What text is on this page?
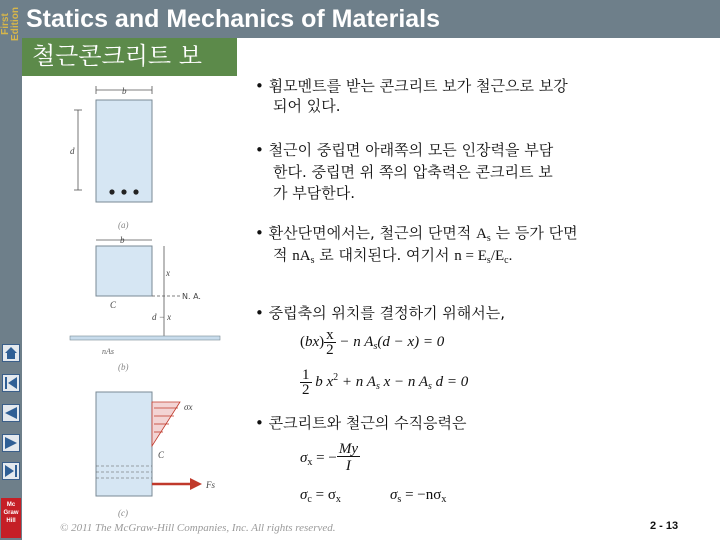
First
Edition
Mc
Graw
Hill
Statics and Mechanics of Materials
철근콘크리트 보
b
d
(a)
b
N. A.
C
x
d − x
nAs
(b)
σx
C
Fs
(c)
• 휨모멘트를 받는 콘크리트 보가 철근으로 보강
되어 있다.
• 철근이 중립면 아래쪽의 모든 인장력을 부담
한다. 중립면 위 쪽의 압축력은 콘크리트 보
가 부담한다.
• 환산단면에서는, 철근의 단면적 $A_s$ 는 등가 단면
적 $nA_s$ 로 대치된다. 여기서 $n = E_s/E_c$.
• 중립축의 위치를 결정하기 위해서는,
$(bx) \frac{x}{2} - n$ $A_s(d - x) = 0$
$\frac{1}{2}$ b $x^2 + n$ $A_s$ x − n $A_s$ d = 0
• 콘크리트와 철근의 수직응력은
$\sigma_x$ = − $\frac{My}{I}$
$\sigma_c = \sigma_x$	$\sigma_s = -n\sigma_x$
© 2011 The McGraw-Hill Companies, Inc. All rights reserved.	2 - 13
